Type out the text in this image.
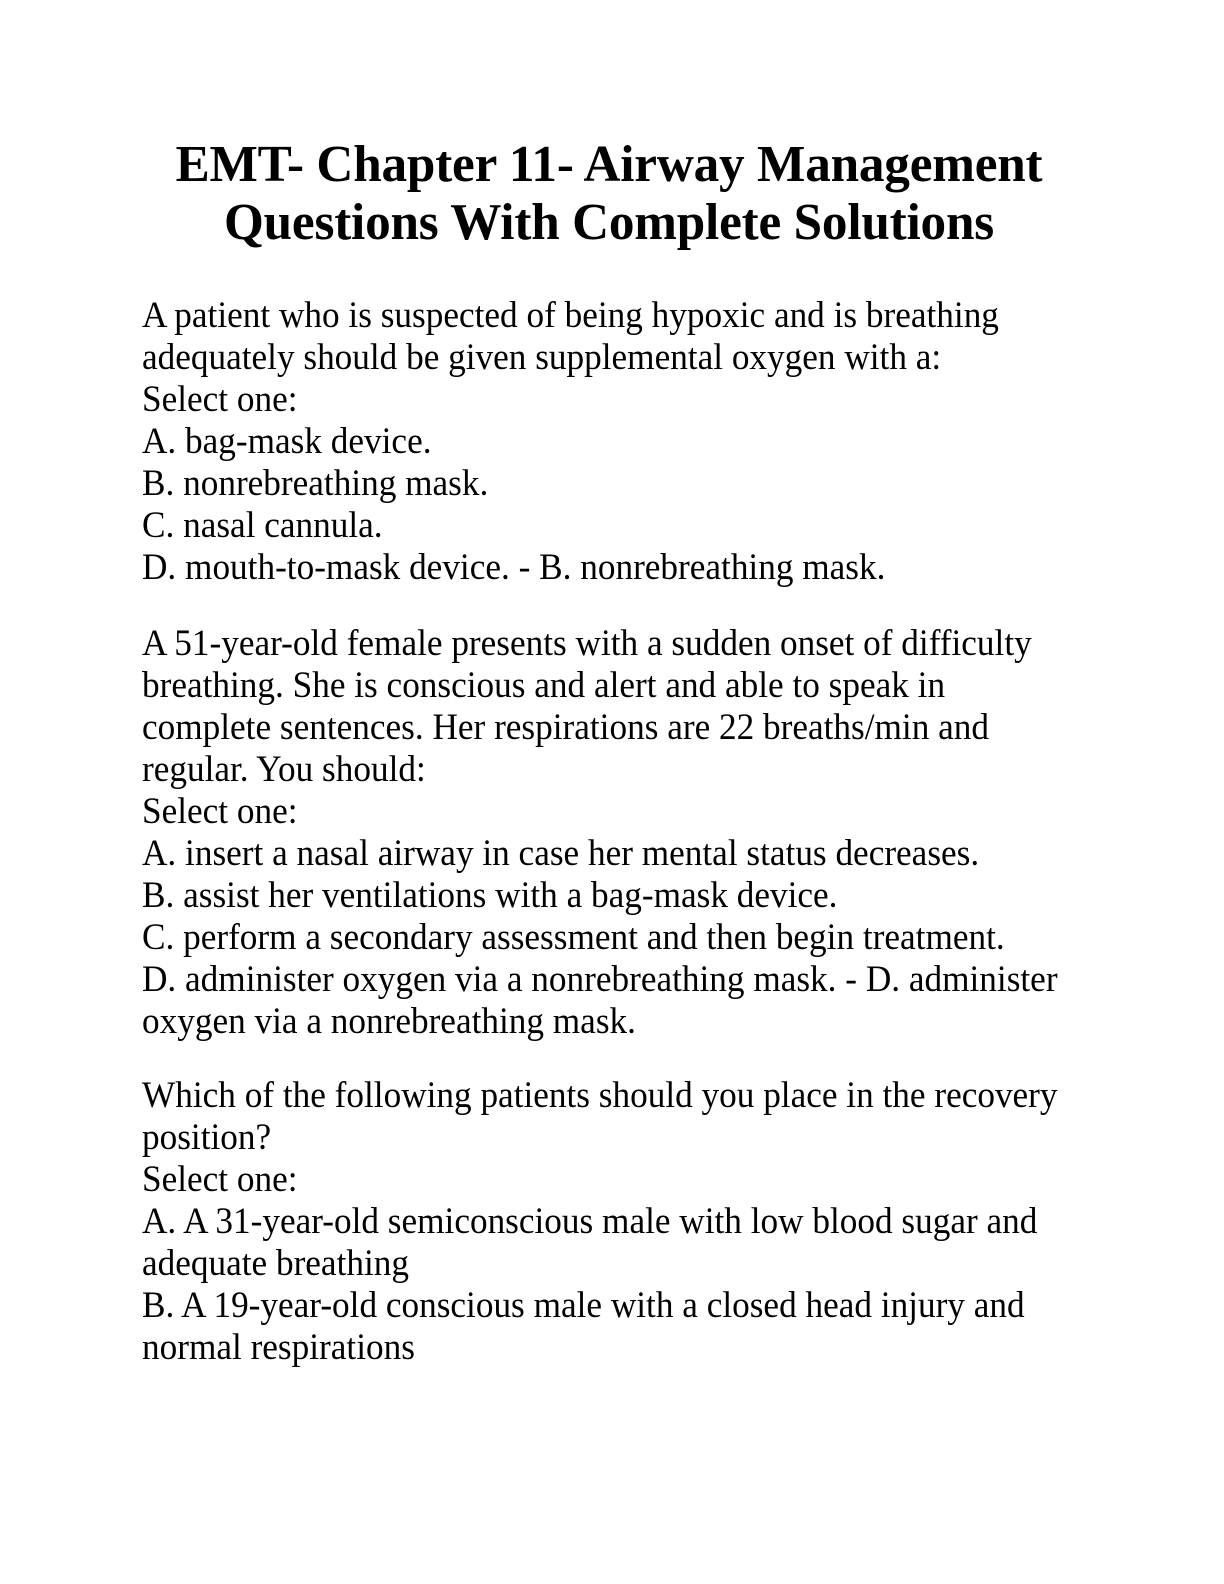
EMT- Chapter 11- Airway Management
Questions With Complete Solutions
A patient who is suspected of being hypoxic and is breathing
adequately should be given supplemental oxygen with a:
Select one:
A. bag-mask device.
B. nonrebreathing mask.
C. nasal cannula.
D. mouth-to-mask device. - B. nonrebreathing mask.
A 51-year-old female presents with a sudden onset of difficulty
breathing. She is conscious and alert and able to speak in
complete sentences. Her respirations are 22 breaths/min and
regular. You should:
Select one:
A. insert a nasal airway in case her mental status decreases.
B. assist her ventilations with a bag-mask device.
C. perform a secondary assessment and then begin treatment.
D. administer oxygen via a nonrebreathing mask. - D. administer
oxygen via a nonrebreathing mask.
Which of the following patients should you place in the recovery
position?
Select one:
A. A 31-year-old semiconscious male with low blood sugar and
adequate breathing
B. A 19-year-old conscious male with a closed head injury and
normal respirations
